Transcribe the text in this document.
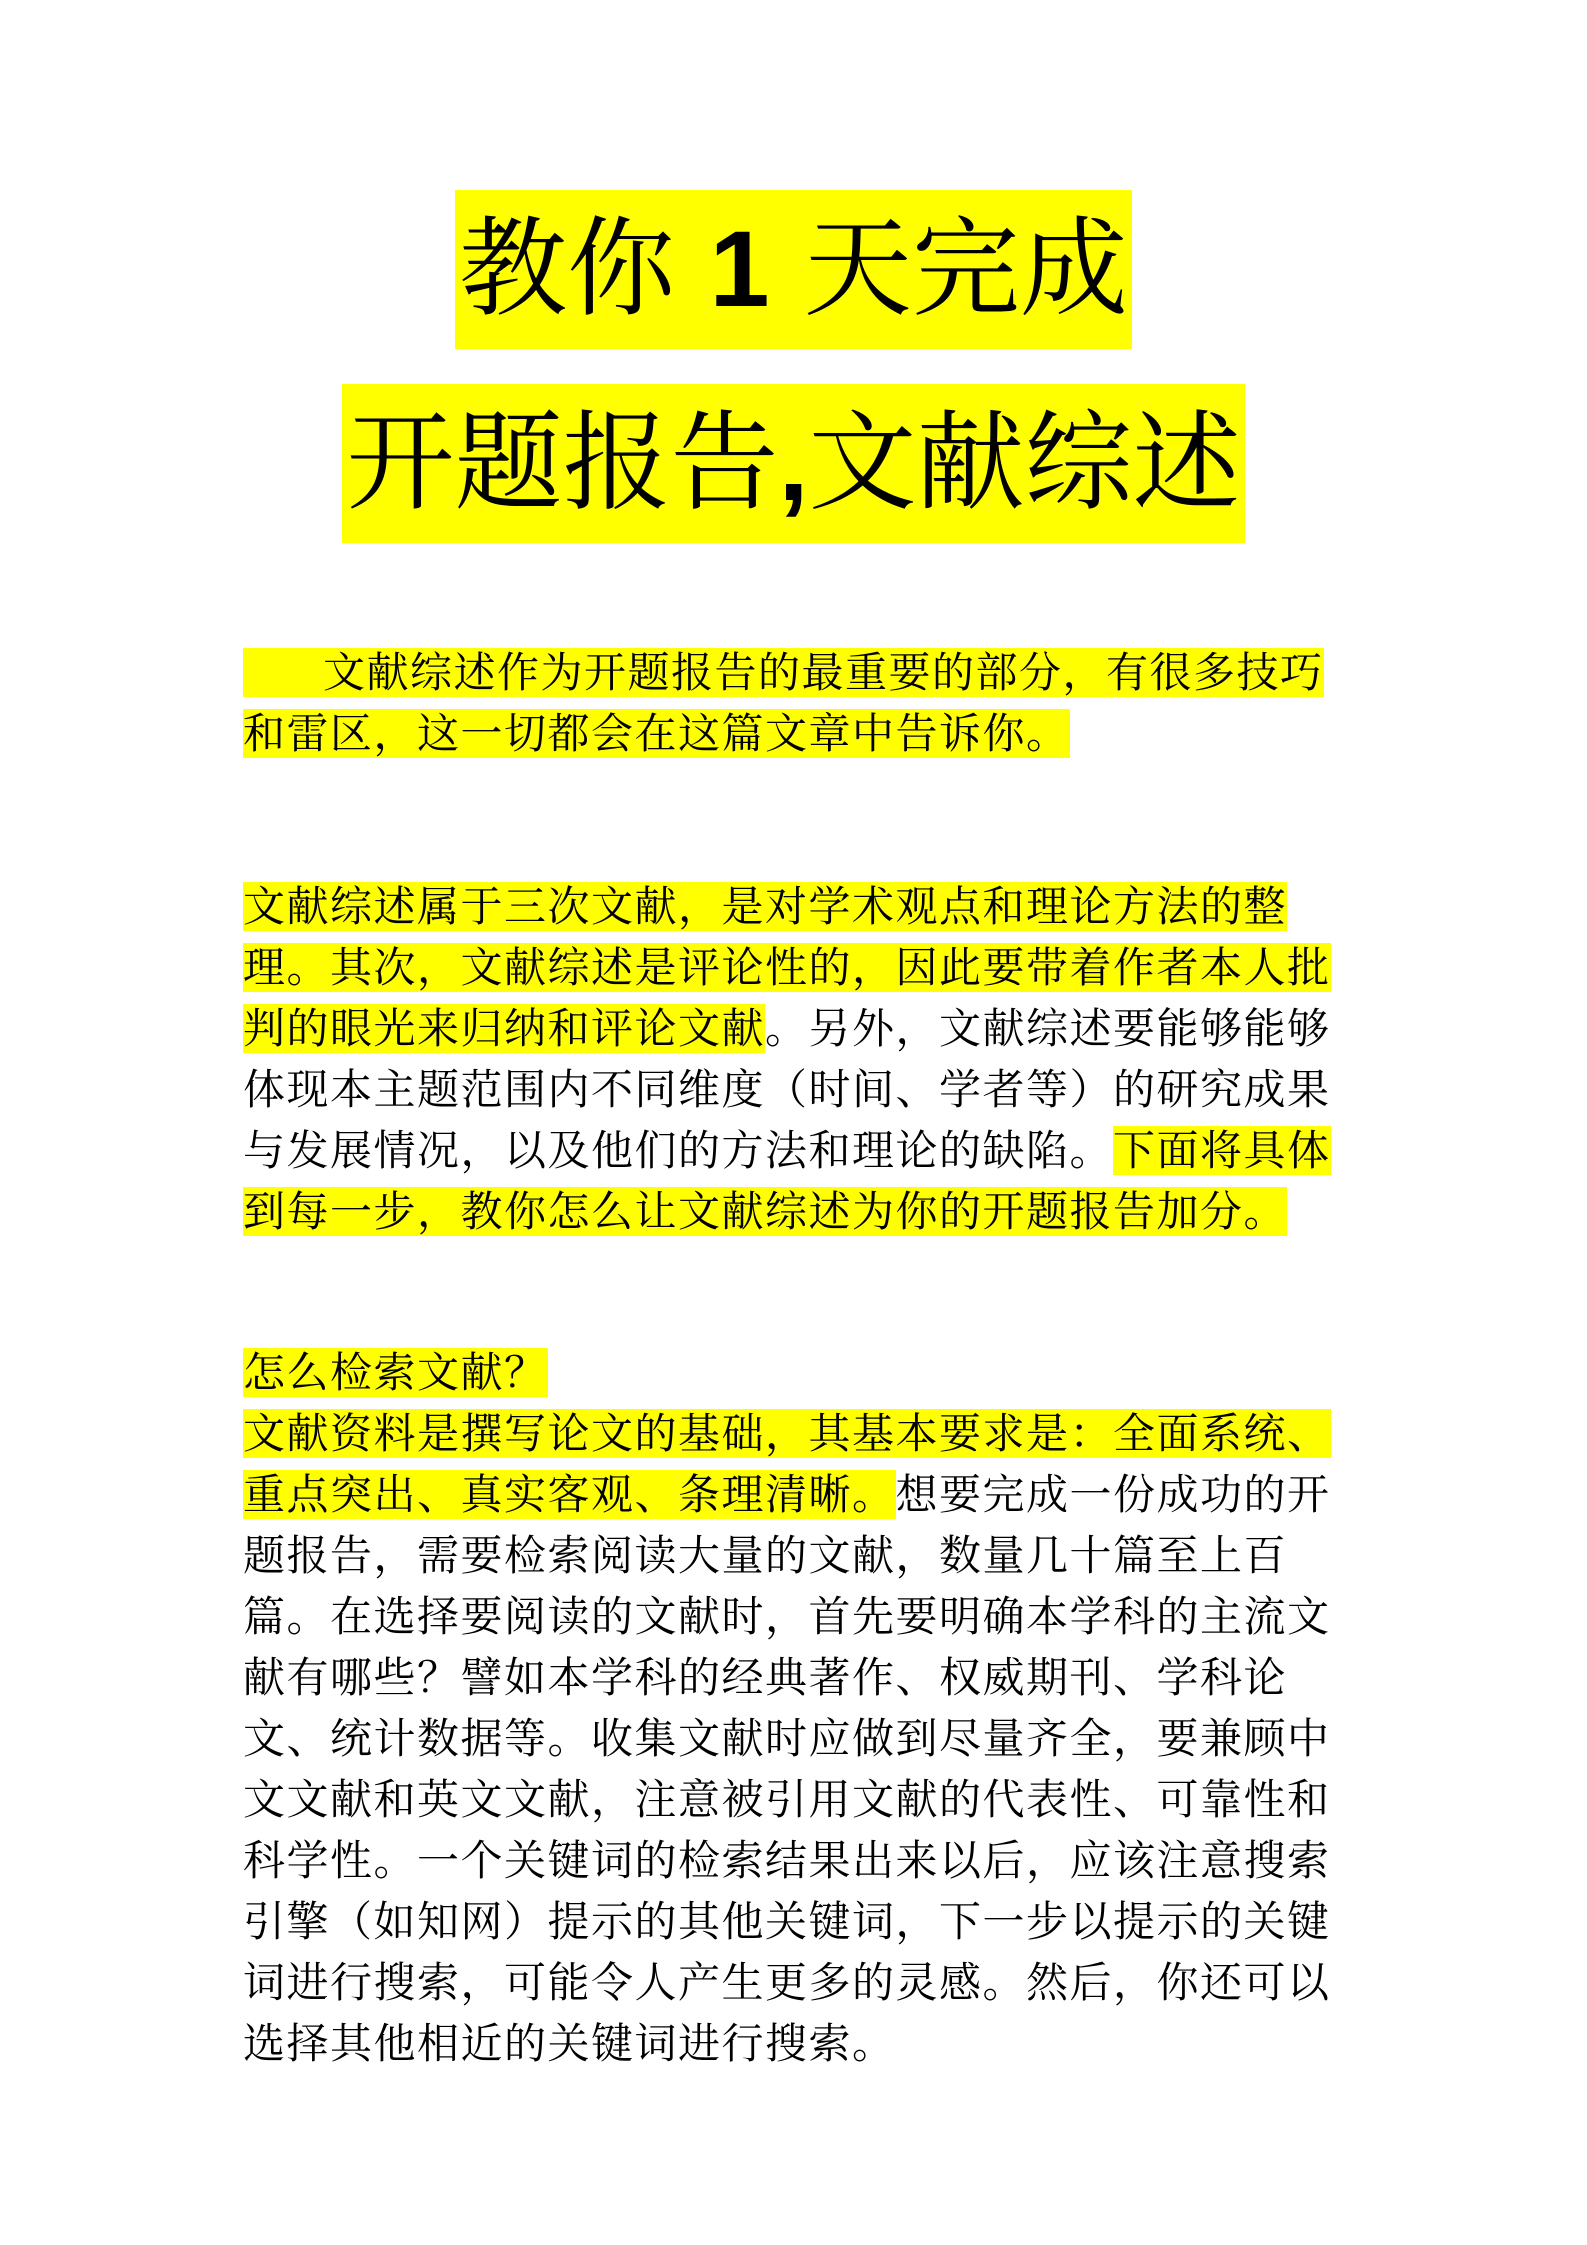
教你 1 天完成
开题报告,文献综述
文献综述作为开题报告的最重要的部分，有很多技巧和雷区，这一切都会在这篇文章中告诉你。
文献综述属于三次文献，是对学术观点和理论方法的整理。其次，文献综述是评论性的，因此要带着作者本人批判的眼光来归纳和评论文献。另外，文献综述要能够能够体现本主题范围内不同维度（时间、学者等）的研究成果与发展情况，以及他们的方法和理论的缺陷。下面将具体到每一步，教你怎么让文献综述为你的开题报告加分。
怎么检索文献？
文献资料是撰写论文的基础，其基本要求是：全面系统、重点突出、真实客观、条理清晰。想要完成一份成功的开题报告，需要检索阅读大量的文献，数量几十篇至上百篇。在选择要阅读的文献时，首先要明确本学科的主流文献有哪些？譬如本学科的经典著作、权威期刊、学科论文、统计数据等。收集文献时应做到尽量齐全，要兼顾中文文献和英文文献，注意被引用文献的代表性、可靠性和科学性。一个关键词的检索结果出来以后，应该注意搜索引擎（如知网）提示的其他关键词，下一步以提示的关键词进行搜索，可能令人产生更多的灵感。然后，你还可以选择其他相近的关键词进行搜索。
